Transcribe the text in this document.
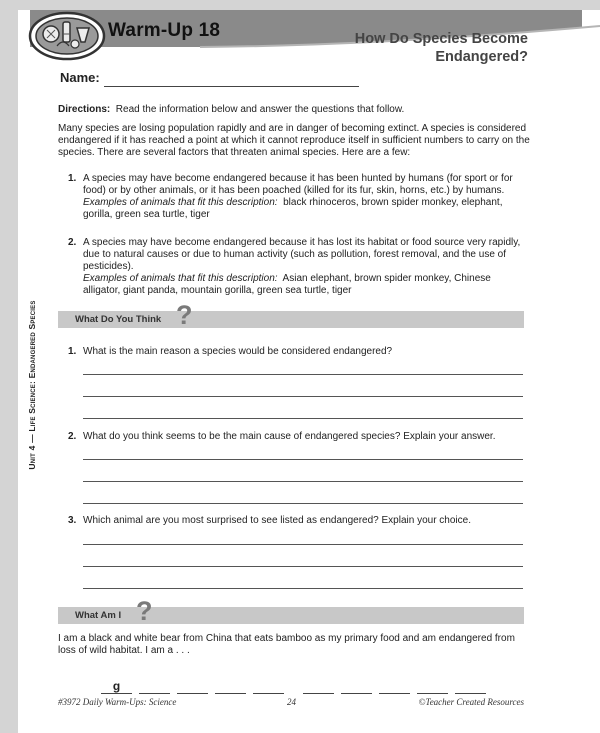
Unit 4 — Life Science: Endangered Species
Warm-Up 18	How Do Species Become
Endangered?
Name:
Directions: Read the information below and answer the questions that follow.
Many species are losing population rapidly and are in danger of becoming extinct. A species is considered endangered if it has reached a point at which it cannot reproduce itself in sufficient numbers to carry on the species. There are several factors that threaten animal species. Here are a few:
1. A species may have become endangered because it has been hunted by humans (for sport or for food) or by other animals, or it has been poached (killed for its fur, skin, horns, etc.) by humans.
Examples of animals that fit this description: black rhinoceros, brown spider monkey, elephant, gorilla, green sea turtle, tiger
2. A species may have become endangered because it has lost its habitat or food source very rapidly, due to natural causes or due to human activity (such as pollution, forest removal, and the use of pesticides).
Examples of animals that fit this description: Asian elephant, brown spider monkey, Chinese alligator, giant panda, mountain gorilla, green sea turtle, tiger
What Do You Think ?
1. What is the main reason a species would be considered endangered?
2. What do you think seems to be the main cause of endangered species? Explain your answer.
3. Which animal are you most surprised to see listed as endangered? Explain your choice.
What Am I ?
I am a black and white bear from China that eats bamboo as my primary food and am endangered from loss of wild habitat. I am a . . .
g
#3972 Daily Warm-Ups: Science	24	©Teacher Created Resources
